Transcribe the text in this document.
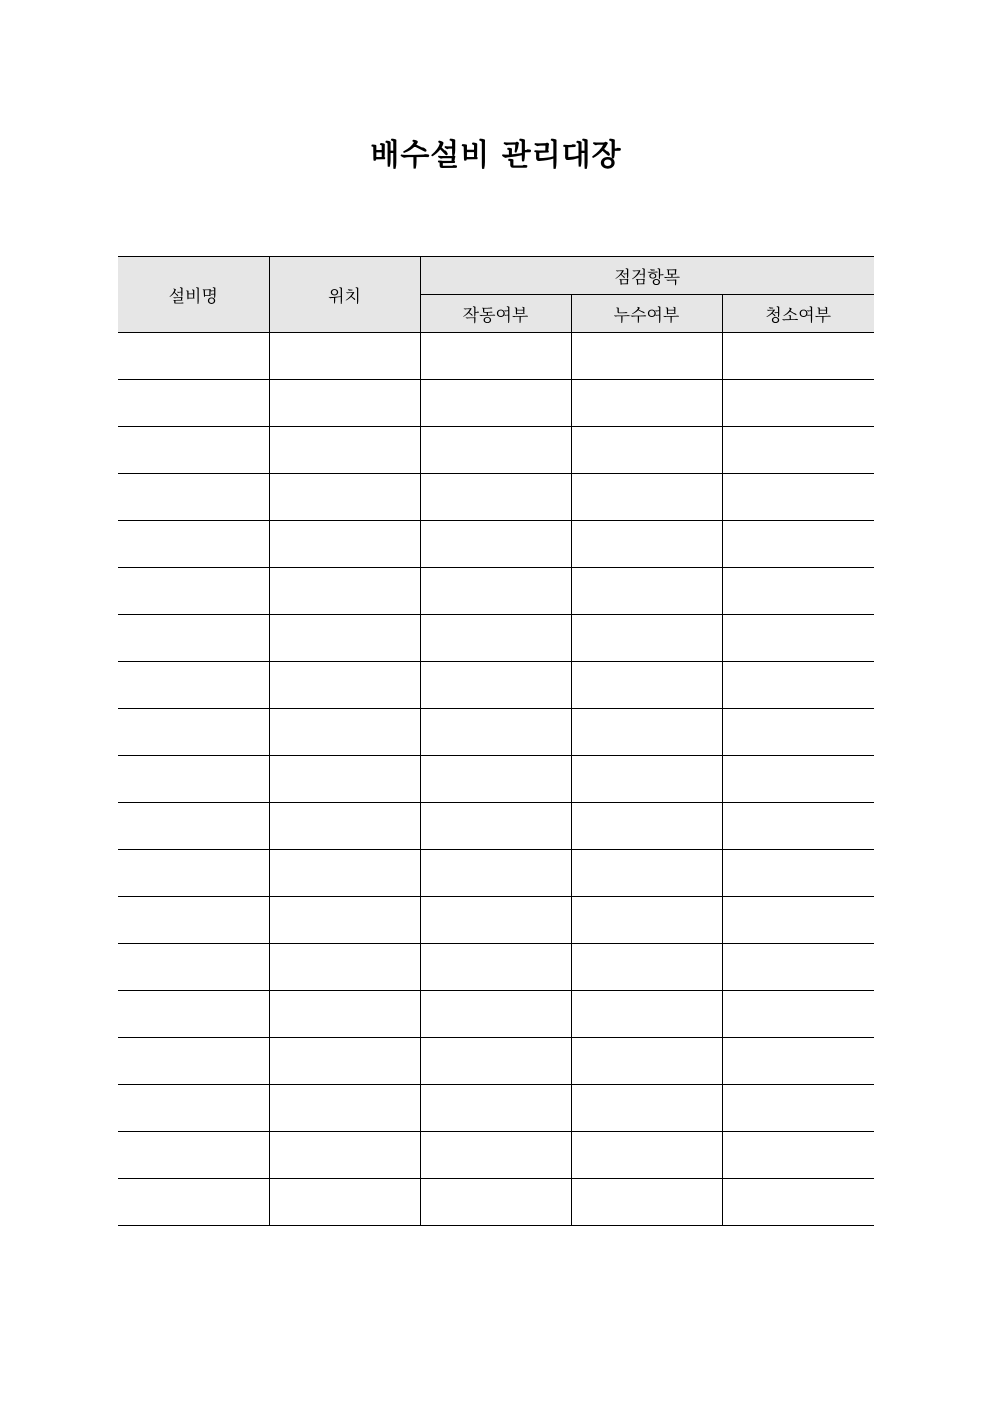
배수설비 관리대장
설비명	위치	점검항목		
		작동여부	누수여부	청소여부
